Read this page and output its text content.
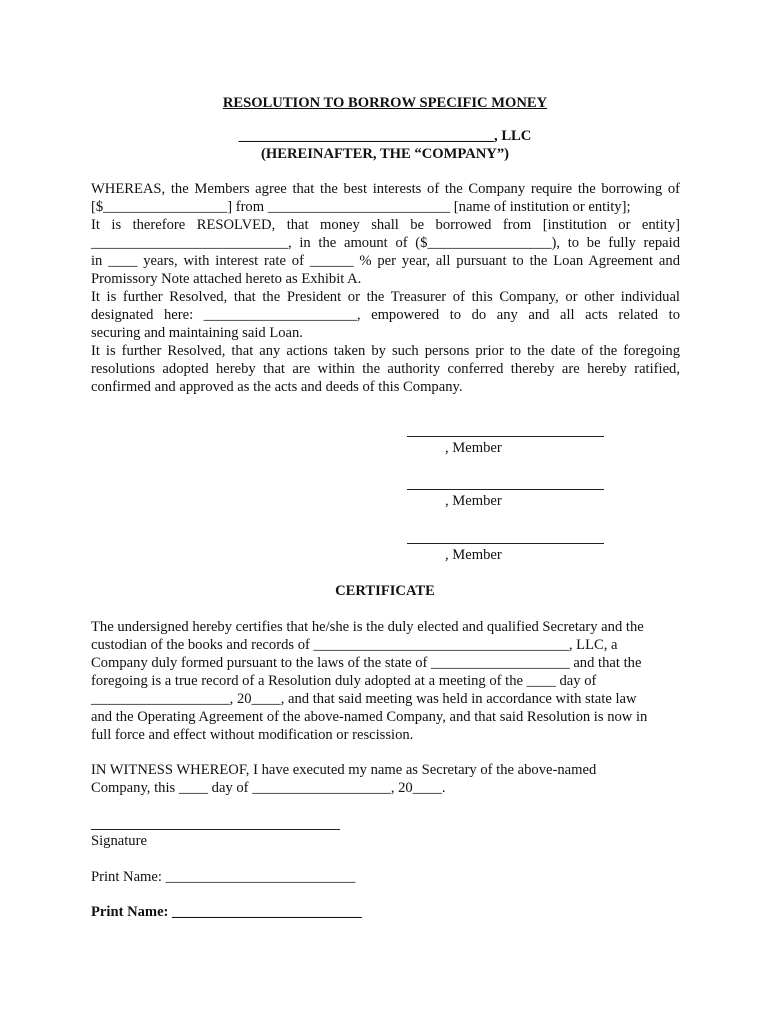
RESOLUTION TO BORROW SPECIFIC MONEY
___________________________________, LLC
(HEREINAFTER, THE “COMPANY”)
WHEREAS, the Members agree that the best interests of the Company require the borrowing of
[$_________________] from _________________________ [name of institution or entity];
It is therefore RESOLVED, that money shall be borrowed from [institution or entity]
___________________________, in the amount of ($_________________), to be fully repaid
in ____ years, with interest rate of ______ % per year, all pursuant to the Loan Agreement and
Promissory Note attached hereto as Exhibit A.
It is further Resolved, that the President or the Treasurer of this Company, or other individual
designated here: _____________________, empowered to do any and all acts related to
securing and maintaining said Loan.
It is further Resolved, that any actions taken by such persons prior to the date of the foregoing
resolutions adopted hereby that are within the authority conferred thereby are hereby ratified,
confirmed and approved as the acts and deeds of this Company.
, Member
, Member
, Member
CERTIFICATE
The undersigned hereby certifies that he/she is the duly elected and qualified Secretary and the
custodian of the books and records of ___________________________________, LLC, a
Company duly formed pursuant to the laws of the state of ___________________ and that the
foregoing is a true record of a Resolution duly adopted at a meeting of the ____ day of
___________________, 20____, and that said meeting was held in accordance with state law
and the Operating Agreement of the above-named Company, and that said Resolution is now in
full force and effect without modification or rescission.
IN WITNESS WHEREOF, I have executed my name as Secretary of the above-named
Company, this ____ day of ___________________, 20____.
Signature
Print Name: __________________________
Print Name: __________________________
